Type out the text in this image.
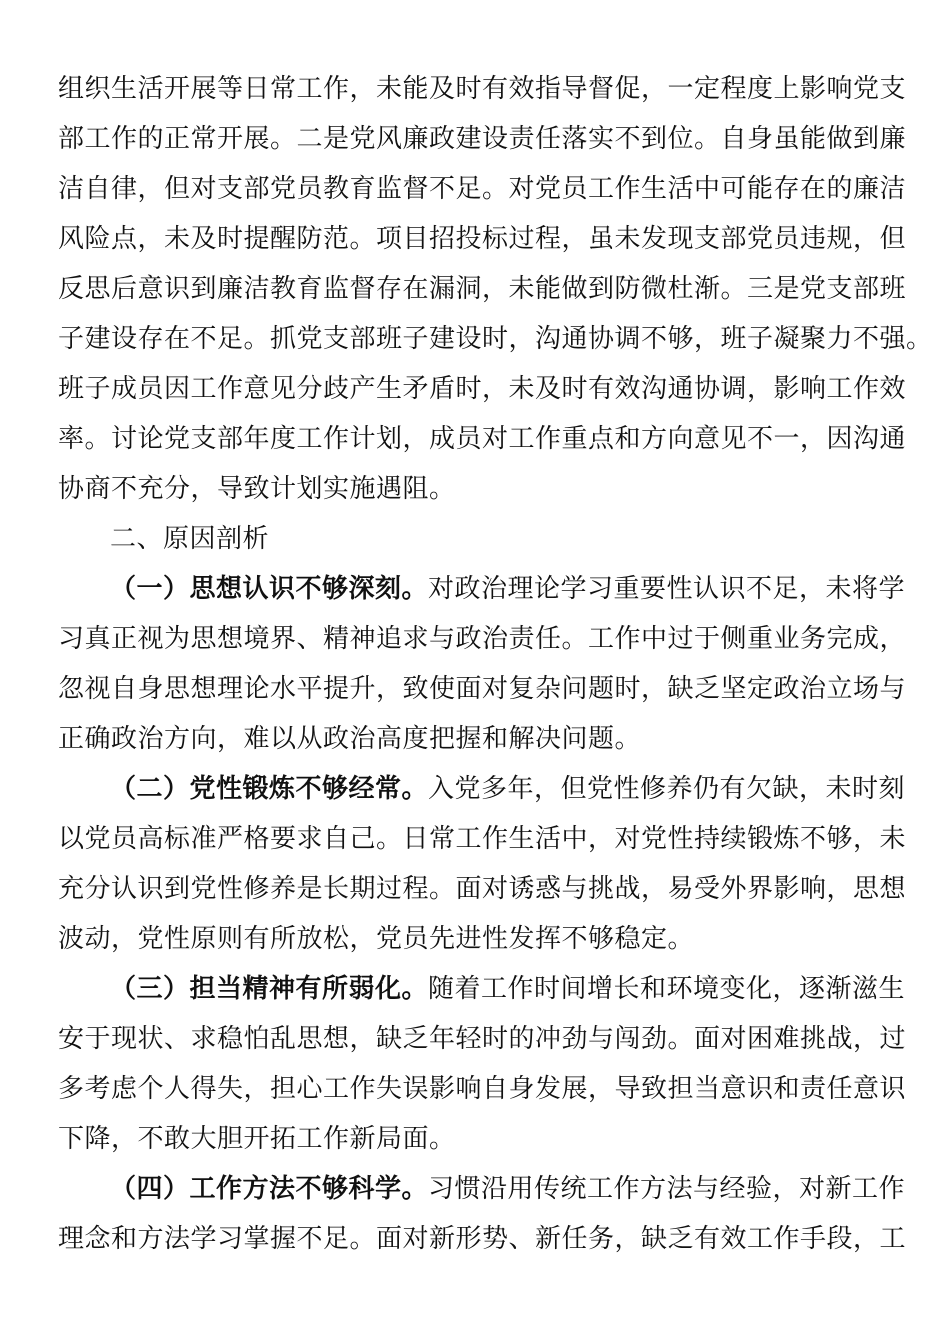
组织生活开展等日常工作，未能及时有效指导督促，一定程度上影响党支
部工作的正常开展。二是党风廉政建设责任落实不到位。自身虽能做到廉
洁自律，但对支部党员教育监督不足。对党员工作生活中可能存在的廉洁
风险点，未及时提醒防范。项目招投标过程，虽未发现支部党员违规，但
反思后意识到廉洁教育监督存在漏洞，未能做到防微杜渐。三是党支部班
子建设存在不足。抓党支部班子建设时，沟通协调不够，班子凝聚力不强。
班子成员因工作意见分歧产生矛盾时，未及时有效沟通协调，影响工作效
率。讨论党支部年度工作计划，成员对工作重点和方向意见不一，因沟通
协商不充分，导致计划实施遇阻。
二、原因剖析
（一）思想认识不够深刻。对政治理论学习重要性认识不足，未将学
习真正视为思想境界、精神追求与政治责任。工作中过于侧重业务完成，
忽视自身思想理论水平提升，致使面对复杂问题时，缺乏坚定政治立场与
正确政治方向，难以从政治高度把握和解决问题。
（二）党性锻炼不够经常。入党多年，但党性修养仍有欠缺，未时刻
以党员高标准严格要求自己。日常工作生活中，对党性持续锻炼不够，未
充分认识到党性修养是长期过程。面对诱惑与挑战，易受外界影响，思想
波动，党性原则有所放松，党员先进性发挥不够稳定。
（三）担当精神有所弱化。随着工作时间增长和环境变化，逐渐滋生
安于现状、求稳怕乱思想，缺乏年轻时的冲劲与闯劲。面对困难挑战，过
多考虑个人得失，担心工作失误影响自身发展，导致担当意识和责任意识
下降，不敢大胆开拓工作新局面。
（四）工作方法不够科学。习惯沿用传统工作方法与经验，对新工作
理念和方法学习掌握不足。面对新形势、新任务，缺乏有效工作手段，工
